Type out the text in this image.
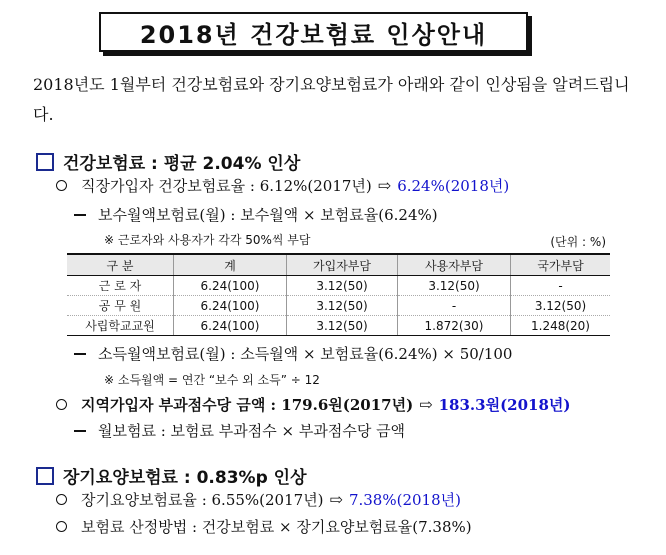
2018년 건강보험료 인상안내
2018년도 1월부터 건강보험료와 장기요양보험료가 아래와 같이 인상됨을 알려드립니다.
건강보험료 : 평균 2.04% 인상
직장가입자 건강보험료율 : 6.12%(2017년) ⇨ 6.24%(2018년)
보수월액보험료(월) : 보수월액 × 보험료율(6.24%)
※ 근로자와 사용자가 각각 50%씩 부담	(단위 : %)
구 분	계	가입자부담	사용자부담	국가부담
근 로 자	6.24(100)	3.12(50)	3.12(50)	-
공 무 원	6.24(100)	3.12(50)	-	3.12(50)
사립학교교원	6.24(100)	3.12(50)	1.872(30)	1.248(20)
소득월액보험료(월) : 소득월액 × 보험료율(6.24%) × 50/100
※ 소득월액 = 연간 “보수 외 소득” ÷ 12
지역가입자 부과점수당 금액 : 179.6원(2017년) ⇨ 183.3원(2018년)
월보험료 : 보험료 부과점수 × 부과점수당 금액
장기요양보험료 : 0.83%p 인상
장기요양보험료율 : 6.55%(2017년) ⇨ 7.38%(2018년)
보험료 산정방법 : 건강보험료 × 장기요양보험료율(7.38%)
